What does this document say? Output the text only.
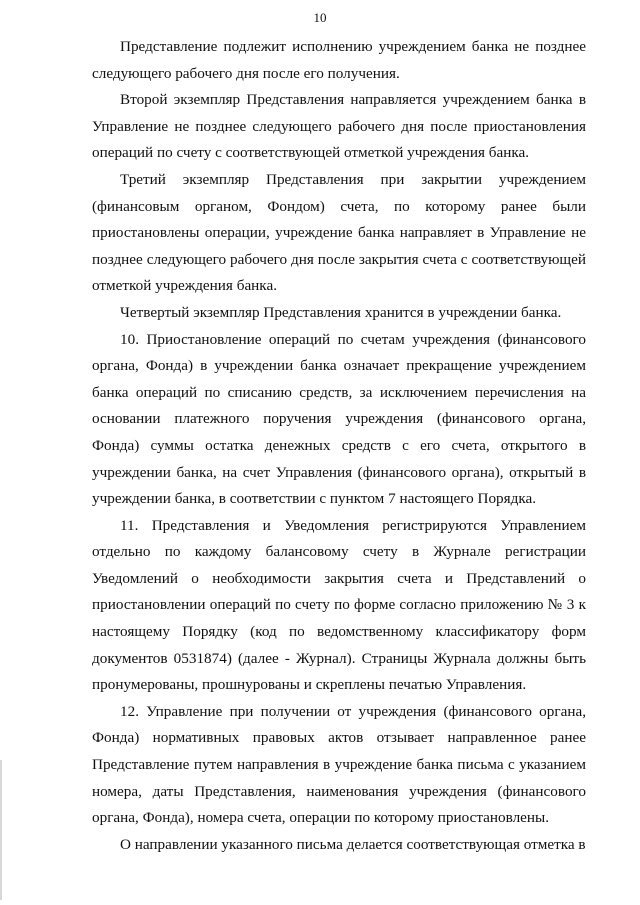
10

Представление подлежит исполнению учреждением банка не позднее следующего рабочего дня после его получения.

Второй экземпляр Представления направляется учреждением банка в Управление не позднее следующего рабочего дня после приостановления операций по счету с соответствующей отметкой учреждения банка.

Третий экземпляр Представления при закрытии учреждением (финансовым органом, Фондом) счета, по которому ранее были приостановлены операции, учреждение банка направляет в Управление не позднее следующего рабочего дня после закрытия счета с соответствующей отметкой учреждения банка.

Четвертый экземпляр Представления хранится в учреждении банка.

10. Приостановление операций по счетам учреждения (финансового органа, Фонда) в учреждении банка означает прекращение учреждением банка операций по списанию средств, за исключением перечисления на основании платежного поручения учреждения (финансового органа, Фонда) суммы остатка денежных средств с его счета, открытого в учреждении банка, на счет Управления (финансового органа), открытый в учреждении банка, в соответствии с пунктом 7 настоящего Порядка.

11. Представления и Уведомления регистрируются Управлением отдельно по каждому балансовому счету в Журнале регистрации Уведомлений о необходимости закрытия счета и Представлений о приостановлении операций по счету по форме согласно приложению № 3 к настоящему Порядку (код по ведомственному классификатору форм документов 0531874) (далее - Журнал). Страницы Журнала должны быть пронумерованы, прошнурованы и скреплены печатью Управления.

12. Управление при получении от учреждения (финансового органа, Фонда) нормативных правовых актов отзывает направленное ранее Представление путем направления в учреждение банка письма с указанием номера, даты Представления, наименования учреждения (финансового органа, Фонда), номера счета, операции по которому приостановлены.

О направлении указанного письма делается соответствующая отметка в
